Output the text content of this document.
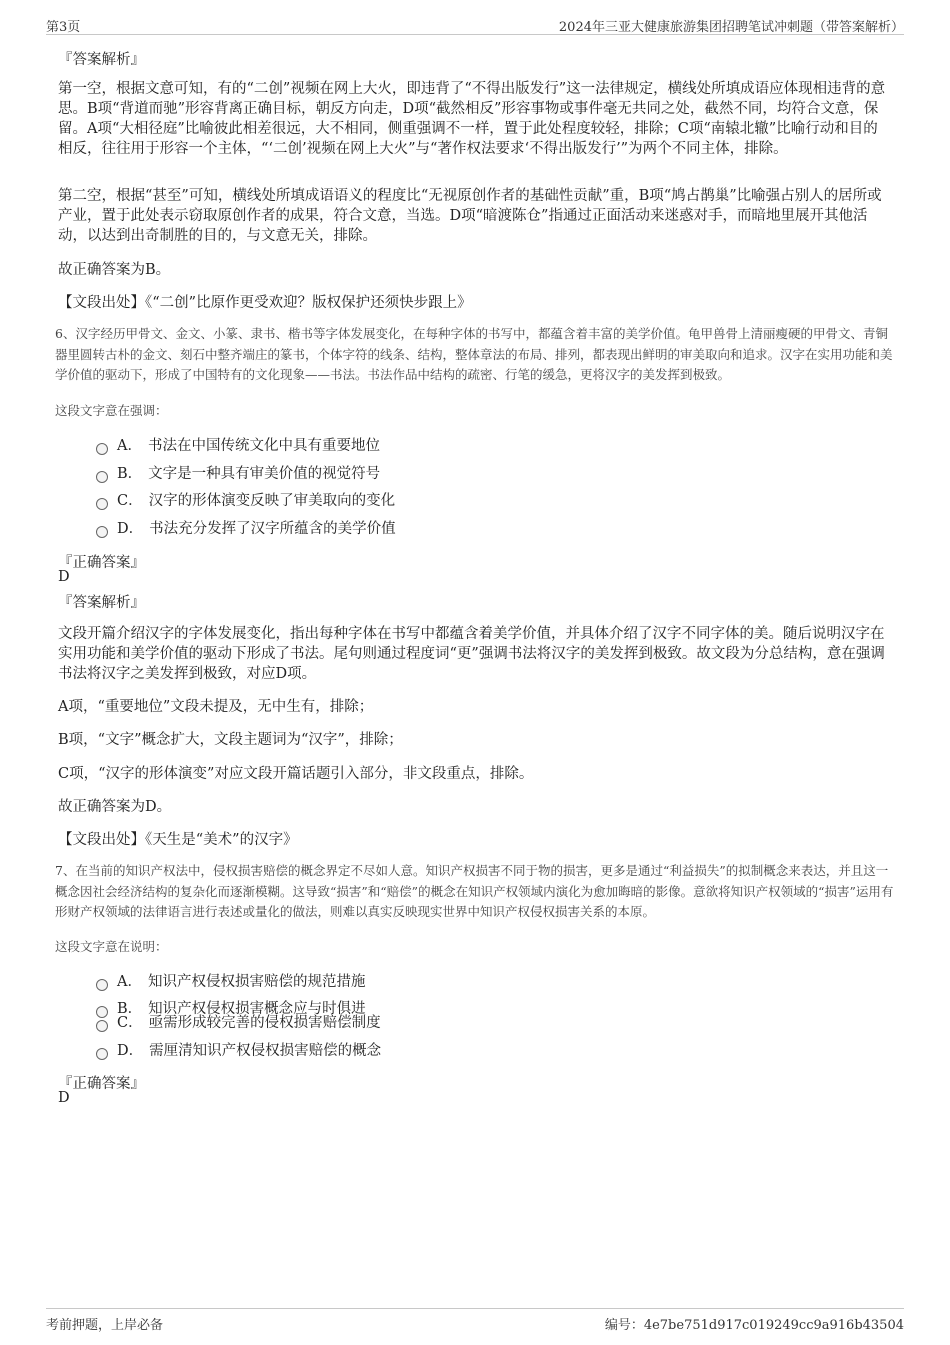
第3页	2024年三亚大健康旅游集团招聘笔试冲刺题（带答案解析）
『答案解析』

第一空，根据文意可知，有的“二创”视频在网上大火，即违背了“不得出版发行”这一法律规定，横线处所填成语应体现相违背的意思。B项“背道而驰”形容背离正确目标，朝反方向走，D项“截然相反”形容事物或事件毫无共同之处，截然不同，均符合文意，保留。A项“大相径庭”比喻彼此相差很远，大不相同，侧重强调不一样，置于此处程度较轻，排除；C项“南辕北辙”比喻行动和目的相反，往往用于形容一个主体，“‘二创’视频在网上大火”与“著作权法要求‘不得出版发行’”为两个不同主体，排除。

第二空，根据“甚至”可知，横线处所填成语语义的程度比“无视原创作者的基础性贡献”重，B项“鸠占鹊巢”比喻强占别人的居所或产业，置于此处表示窃取原创作者的成果，符合文意，当选。D项“暗渡陈仓”指通过正面活动来迷惑对手，而暗地里展开其他活动，以达到出奇制胜的目的，与文意无关，排除。

故正确答案为B。
【文段出处】《“二创”比原作更受欢迎？版权保护还须快步跟上》

6、汉字经历甲骨文、金文、小篆、隶书、楷书等字体发展变化，在每种字体的书写中，都蕴含着丰富的美学价值。龟甲兽骨上清丽瘦硬的甲骨文、青铜器里圆转古朴的金文、刻石中整齐端庄的篆书，个体字符的线条、结构，整体章法的布局、排列，都表现出鲜明的审美取向和追求。汉字在实用功能和美学价值的驱动下，形成了中国特有的文化现象——书法。书法作品中结构的疏密、行笔的缓急，更将汉字的美发挥到极致。

这段文字意在强调：
A． 书法在中国传统文化中具有重要地位
B． 文字是一种具有审美价值的视觉符号
C． 汉字的形体演变反映了审美取向的变化
D． 书法充分发挥了汉字所蕴含的美学价值
『正确答案』
D
『答案解析』

文段开篇介绍汉字的字体发展变化，指出每种字体在书写中都蕴含着美学价值，并具体介绍了汉字不同字体的美。随后说明汉字在实用功能和美学价值的驱动下形成了书法。尾句则通过程度词“更”强调书法将汉字的美发挥到极致。故文段为分总结构，意在强调书法将汉字之美发挥到极致，对应D项。

A项，“重要地位”文段未提及，无中生有，排除；
B项，“文字”概念扩大，文段主题词为“汉字”，排除；
C项，“汉字的形体演变”对应文段开篇话题引入部分，非文段重点，排除。
故正确答案为D。
【文段出处】《天生是“美术”的汉字》

7、在当前的知识产权法中，侵权损害赔偿的概念界定不尽如人意。知识产权损害不同于物的损害，更多是通过“利益损失”的拟制概念来表达，并且这一概念因社会经济结构的复杂化而逐渐模糊。这导致“损害”和“赔偿”的概念在知识产权领域内演化为愈加晦暗的影像。意欲将知识产权领域的“损害”运用有形财产权领域的法律语言进行表述或量化的做法，则难以真实反映现实世界中知识产权侵权损害关系的本原。

这段文字意在说明：
A． 知识产权侵权损害赔偿的规范措施
B． 知识产权侵权损害概念应与时俱进
C． 亟需形成较完善的侵权损害赔偿制度
D． 需厘清知识产权侵权损害赔偿的概念
『正确答案』
D
考前押题，上岸必备	编号：4e7be751d917c019249cc9a916b43504
